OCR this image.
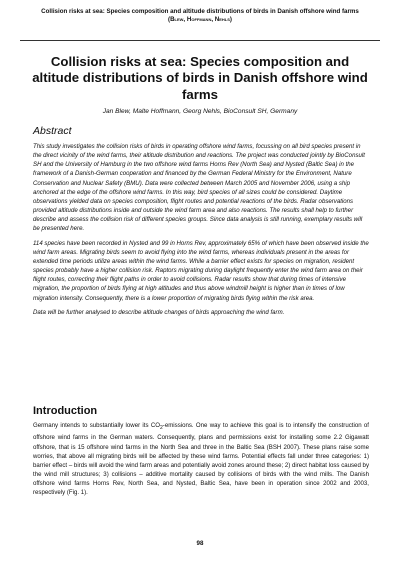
Collision risks at sea: Species composition and altitude distributions of birds in Danish offshore wind farms
(Blew, Hoffmann, Nehls)
Collision risks at sea: Species composition and altitude distributions of birds in Danish offshore wind farms
Jan Blew, Malte Hoffmann, Georg Nehls, BioConsult SH, Germany
Abstract

This study investigates the collision risks of birds in operating offshore wind farms, focussing on all bird species present in the direct vicinity of the wind farms, their altitude distribution and reactions. The project was conducted jointly by BioConsult SH and the University of Hamburg in the two offshore wind farms Horns Rev (North Sea) and Nysted (Baltic Sea) in the framework of a Danish-German cooperation and financed by the German Federal Ministry for the Environment, Nature Conservation and Nuclear Safety (BMU). Data were collected between March 2005 and November 2006, using a ship anchored at the edge of the offshore wind farms. In this way, bird species of all sizes could be considered. Daytime observations yielded data on species composition, flight routes and potential reactions of the birds. Radar observations provided altitude distributions inside and outside the wind farm area and also reactions. The results shall help to further describe and assess the collision risk of different species groups. Since data analysis is still running, exemplary results will be presented here.

114 species have been recorded in Nysted and 99 in Horns Rev, approximately 65% of which have been observed inside the wind farm areas. Migrating birds seem to avoid flying into the wind farms, whereas individuals present in the areas for extended time periods utilize areas within the wind farms. While a barrier effect exists for species on migration, resident species probably have a higher collision risk. Raptors migrating during daylight frequently enter the wind farm area on their flight routes, correcting their flight paths in order to avoid collisions. Radar results show that during times of intensive migration, the proportion of birds flying at high altitudes and thus above windmill height is higher than in times of low migration intensity. Consequently, there is a lower proportion of migrating birds flying within the risk area.

Data will be further analysed to describe altitude changes of birds approaching the wind farm.

Introduction

Germany intends to substantially lower its $CO_2$-emissions. One way to achieve this goal is to intensify the construction of offshore wind farms in the German waters. Consequently, plans and permissions exist for installing some 2.2 Gigawatt offshore, that is 15 offshore wind farms in the North Sea and three in the Baltic Sea (BSH 2007). These plans raise some worries, that above all migrating birds will be affected by these wind farms. Potential effects fall under three categories: 1) barrier effect – birds will avoid the wind farm areas and potentially avoid zones around these; 2) direct habitat loss caused by the wind mill structures; 3) collisions – additive mortality caused by collisions of birds with the wind mills. The Danish offshore wind farms Horns Rev, North Sea, and Nysted, Baltic Sea, have been in operation since 2002 and 2003, respectively (Fig. 1).

98
